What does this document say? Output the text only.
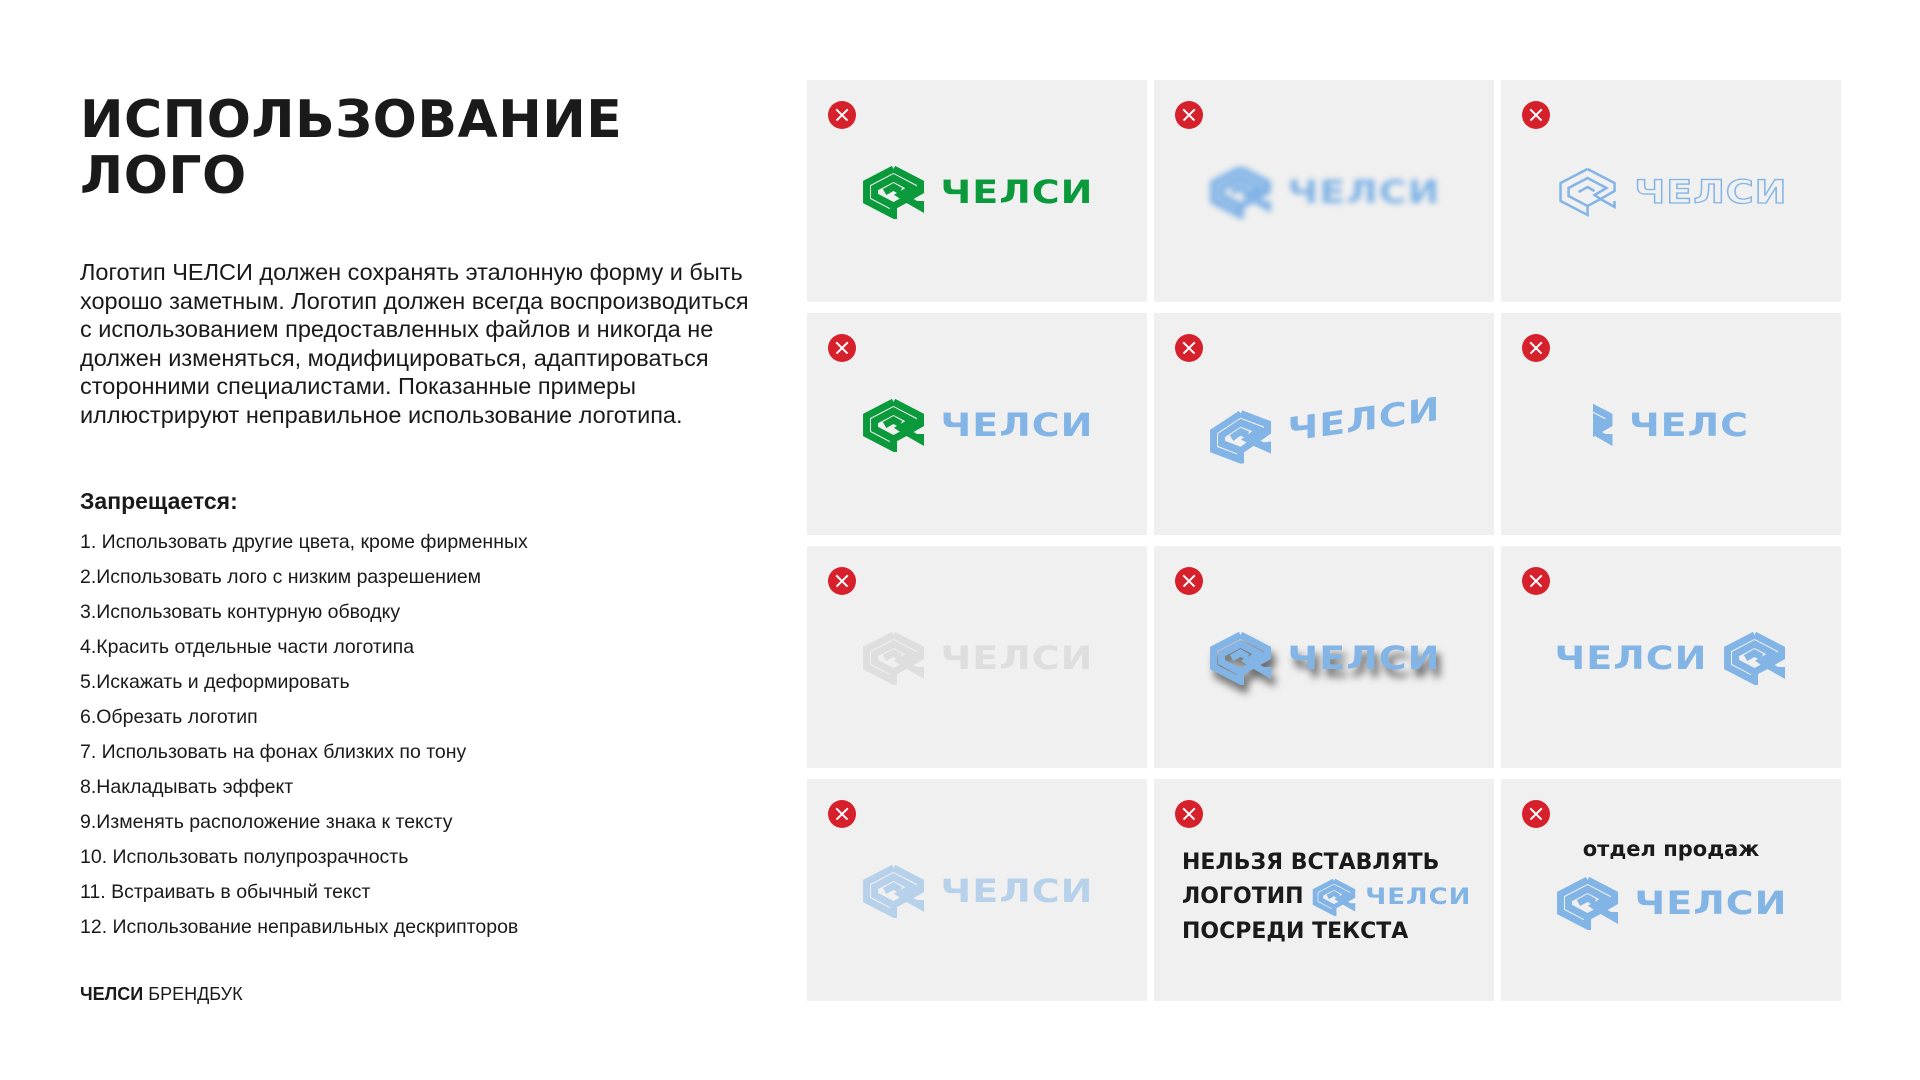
ИСПОЛЬЗОВАНИЕ
ЛОГО

Логотип ЧЕЛСИ должен сохранять эталонную форму и быть хорошо заметным. Логотип должен всегда воспроизводиться с использованием предоставленных файлов и никогда не должен изменяться, модифицироваться, адаптироваться сторонними специалистами. Показанные примеры иллюстрируют неправильное использование логотипа.

Запрещается:
1. Использовать другие цвета, кроме фирменных
2.Использовать лого с низким разрешением
3.Использовать контурную обводку
4.Красить отдельные части логотипа
5.Искажать и деформировать
6.Обрезать логотип
7. Использовать на фонах близких по тону
8.Накладывать эффект
9.Изменять расположение знака к тексту
10. Использовать полупрозрачность
11. Встраивать в обычный текст
12. Использование неправильных дескрипторов
ЧЕЛСИ БРЕНДБУК
ЧЕЛСИ	ЧЕЛСИ	ЧЕЛСИ
ЧЕЛСИ	ЧЕЛСИ	ЧЕЛС
ЧЕЛСИ	ЧЕЛСИ	ЧЕЛСИ
ЧЕЛСИ
НЕЛЬЗЯ ВСТАВЛЯТЬ
ЛОГОТИП ЧЕЛСИ
ПОСРЕДИ ТЕКСТА
отдел продаж
ЧЕЛСИ
